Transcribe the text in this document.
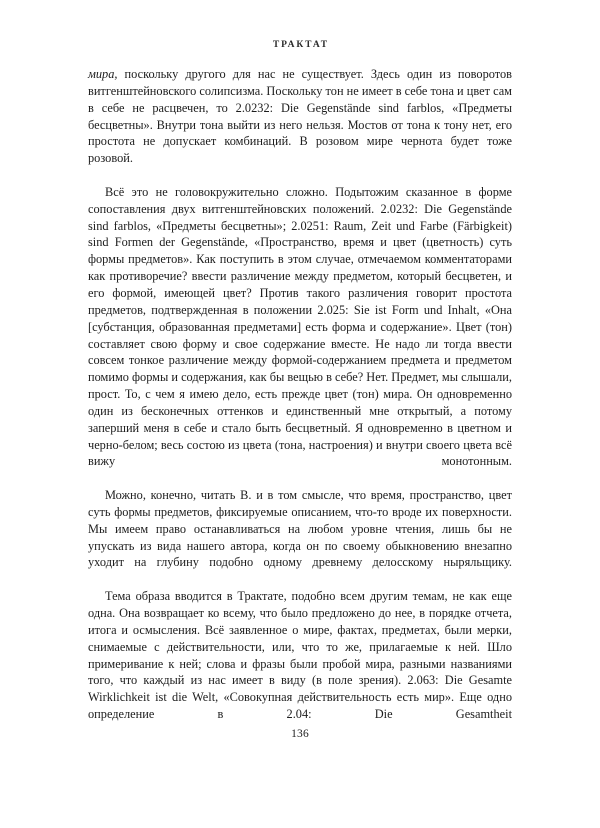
ТРАКТАТ

мира, поскольку другого для нас не существует. Здесь один из поворотов витгенштейновского солипсизма. Поскольку тон не имеет в себе тона и цвет сам в себе не расцвечен, то 2.0232: Die Gegenstände sind farblos, «Предметы бесцветны». Внутри тона выйти из него нельзя. Мостов от тона к тону нет, его простота не допускает комбинаций. В розовом мире чернота будет тоже розовой.

Всё это не головокружительно сложно. Подытожим сказанное в форме сопоставления двух витгенштейновских положений. 2.0232: Die Gegenstände sind farblos, «Предметы бесцветны»; 2.0251: Raum, Zeit und Farbe (Färbigkeit) sind Formen der Gegenstände, «Пространство, время и цвет (цветность) суть формы предметов». Как поступить в этом случае, отмечаемом комментаторами как противоречие? ввести различение между предметом, который бесцветен, и его формой, имеющей цвет? Против такого различения говорит простота предметов, подтвержденная в положении 2.025: Sie ist Form und Inhalt, «Она [субстанция, образованная предметами] есть форма и содержание». Цвет (тон) составляет свою форму и свое содержание вместе. Не надо ли тогда ввести совсем тонкое различение между формой-содержанием предмета и предметом помимо формы и содержания, как бы вещью в себе? Нет. Предмет, мы слышали, прост. То, с чем я имею дело, есть прежде цвет (тон) мира. Он одновременно один из бесконечных оттенков и единственный мне открытый, а потому заперший меня в себе и стало быть бесцветный. Я одновременно в цветном и черно-белом; весь состою из цвета (тона, настроения) и внутри своего цвета всё вижу монотонным.

Можно, конечно, читать В. и в том смысле, что время, пространство, цвет суть формы предметов, фиксируемые описанием, что-то вроде их поверхности. Мы имеем право останавливаться на любом уровне чтения, лишь бы не упускать из вида нашего автора, когда он по своему обыкновению внезапно уходит на глубину подобно одному древнему делосскому ныряльщику.

Тема образа вводится в Трактате, подобно всем другим темам, не как еще одна. Она возвращает ко всему, что было предложено до нее, в порядке отчета, итога и осмысления. Всё заявленное о мире, фактах, предметах, были мерки, снимаемые с действительности, или, что то же, прилагаемые к ней. Шло примеривание к ней; слова и фразы были пробой мира, разными названиями того, что каждый из нас имеет в виду (в поле зрения). 2.063: Die Gesamte Wirklichkeit ist die Welt, «Совокупная действительность есть мир». Еще одно определение в 2.04: Die Gesamtheit

136
